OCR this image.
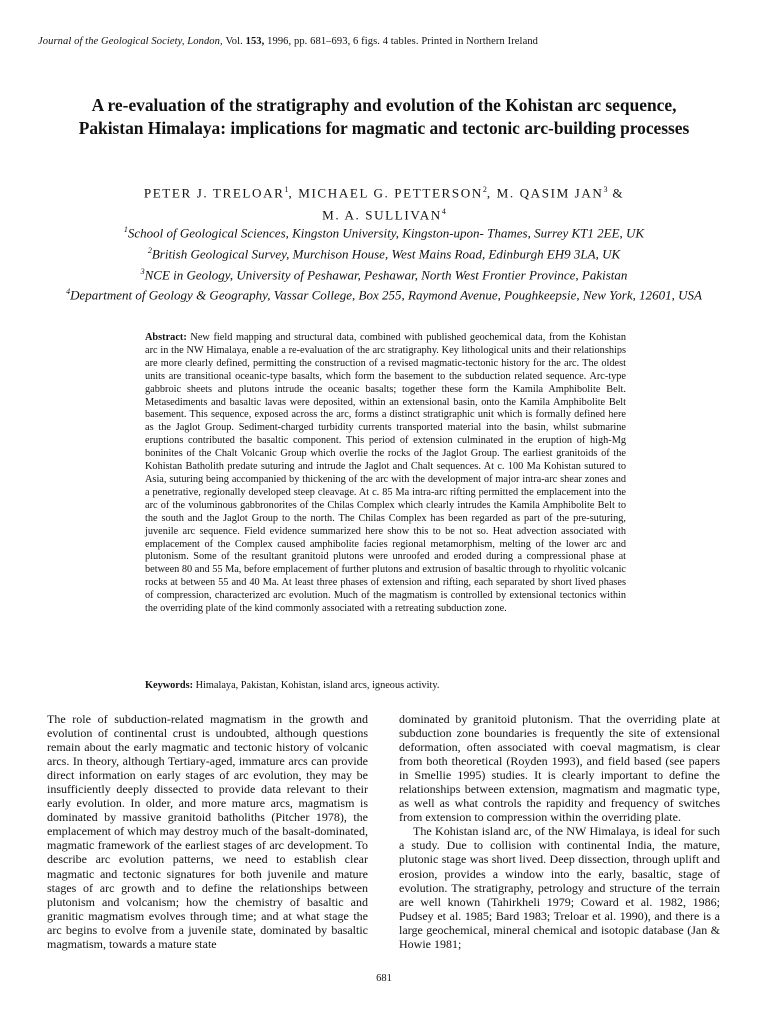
Journal of the Geological Society, London, Vol. 153, 1996, pp. 681–693, 6 figs. 4 tables. Printed in Northern Ireland
A re-evaluation of the stratigraphy and evolution of the Kohistan arc sequence, Pakistan Himalaya: implications for magmatic and tectonic arc-building processes
PETER J. TRELOAR$^1$, MICHAEL G. PETTERSON$^2$, M. QASIM JAN$^3$ &
M. A. SULLIVAN$^4$
$^1$School of Geological Sciences, Kingston University, Kingston-upon- Thames, Surrey KT1 2EE, UK
$^2$British Geological Survey, Murchison House, West Mains Road, Edinburgh EH9 3LA, UK
$^3$NCE in Geology, University of Peshawar, Peshawar, North West Frontier Province, Pakistan
$^4$Department of Geology & Geography, Vassar College, Box 255, Raymond Avenue, Poughkeepsie, New York, 12601, USA
Abstract: New field mapping and structural data, combined with published geochemical data, from the Kohistan arc in the NW Himalaya, enable a re-evaluation of the arc stratigraphy. Key lithological units and their relationships are more clearly defined, permitting the construction of a revised magmatic-tectonic history for the arc. The oldest units are transitional oceanic-type basalts, which form the basement to the subduction related sequence. Arc-type gabbroic sheets and plutons intrude the oceanic basalts; together these form the Kamila Amphibolite Belt. Metasediments and basaltic lavas were deposited, within an extensional basin, onto the Kamila Amphibolite Belt basement. This sequence, exposed across the arc, forms a distinct stratigraphic unit which is formally defined here as the Jaglot Group. Sediment-charged turbidity currents transported material into the basin, whilst submarine eruptions contributed the basaltic component. This period of extension culminated in the eruption of high-Mg boninites of the Chalt Volcanic Group which overlie the rocks of the Jaglot Group. The earliest granitoids of the Kohistan Batholith predate suturing and intrude the Jaglot and Chalt sequences. At c. 100 Ma Kohistan sutured to Asia, suturing being accompanied by thickening of the arc with the development of major intra-arc shear zones and a penetrative, regionally developed steep cleavage. At c. 85 Ma intra-arc rifting permitted the emplacement into the arc of the voluminous gabbronorites of the Chilas Complex which clearly intrudes the Kamila Amphibolite Belt to the south and the Jaglot Group to the north. The Chilas Complex has been regarded as part of the pre-suturing, juvenile arc sequence. Field evidence summarized here show this to be not so. Heat advection associated with emplacement of the Complex caused amphibolite facies regional metamorphism, melting of the lower arc and plutonism. Some of the resultant granitoid plutons were unroofed and eroded during a compressional phase at between 80 and 55 Ma, before emplacement of further plutons and extrusion of basaltic through to rhyolitic volcanic rocks at between 55 and 40 Ma. At least three phases of extension and rifting, each separated by short lived phases of compression, characterized arc evolution. Much of the magmatism is controlled by extensional tectonics within the overriding plate of the kind commonly associated with a retreating subduction zone.
Keywords: Himalaya, Pakistan, Kohistan, island arcs, igneous activity.

The role of subduction-related magmatism in the growth and evolution of continental crust is undoubted, although questions remain about the early magmatic and tectonic history of volcanic arcs. In theory, although Tertiary-aged, immature arcs can provide direct information on early stages of arc evolution, they may be insufficiently deeply dissected to provide data relevant to their early evolution. In older, and more mature arcs, magmatism is dominated by massive granitoid batholiths (Pitcher 1978), the emplacement of which may destroy much of the basalt-dominated, magmatic framework of the earliest stages of arc development. To describe arc evolution patterns, we need to establish clear magmatic and tectonic signatures for both juvenile and mature stages of arc growth and to define the relationships between plutonism and volcanism; how the chemistry of basaltic and granitic magmatism evolves through time; and at what stage the arc begins to evolve from a juvenile state, dominated by basaltic magmatism, towards a mature state

dominated by granitoid plutonism. That the overriding plate at subduction zone boundaries is frequently the site of extensional deformation, often associated with coeval magmatism, is clear from both theoretical (Royden 1993), and field based (see papers in Smellie 1995) studies. It is clearly important to define the relationships between extension, magmatism and magmatic type, as well as what controls the rapidity and frequency of switches from extension to compression within the overriding plate.

The Kohistan island arc, of the NW Himalaya, is ideal for such a study. Due to collision with continental India, the mature, plutonic stage was short lived. Deep dissection, through uplift and erosion, provides a window into the early, basaltic, stage of evolution. The stratigraphy, petrology and structure of the terrain are well known (Tahirkheli 1979; Coward et al. 1982, 1986; Pudsey et al. 1985; Bard 1983; Treloar et al. 1990), and there is a large geochemical, mineral chemical and isotopic database (Jan & Howie 1981;

681
